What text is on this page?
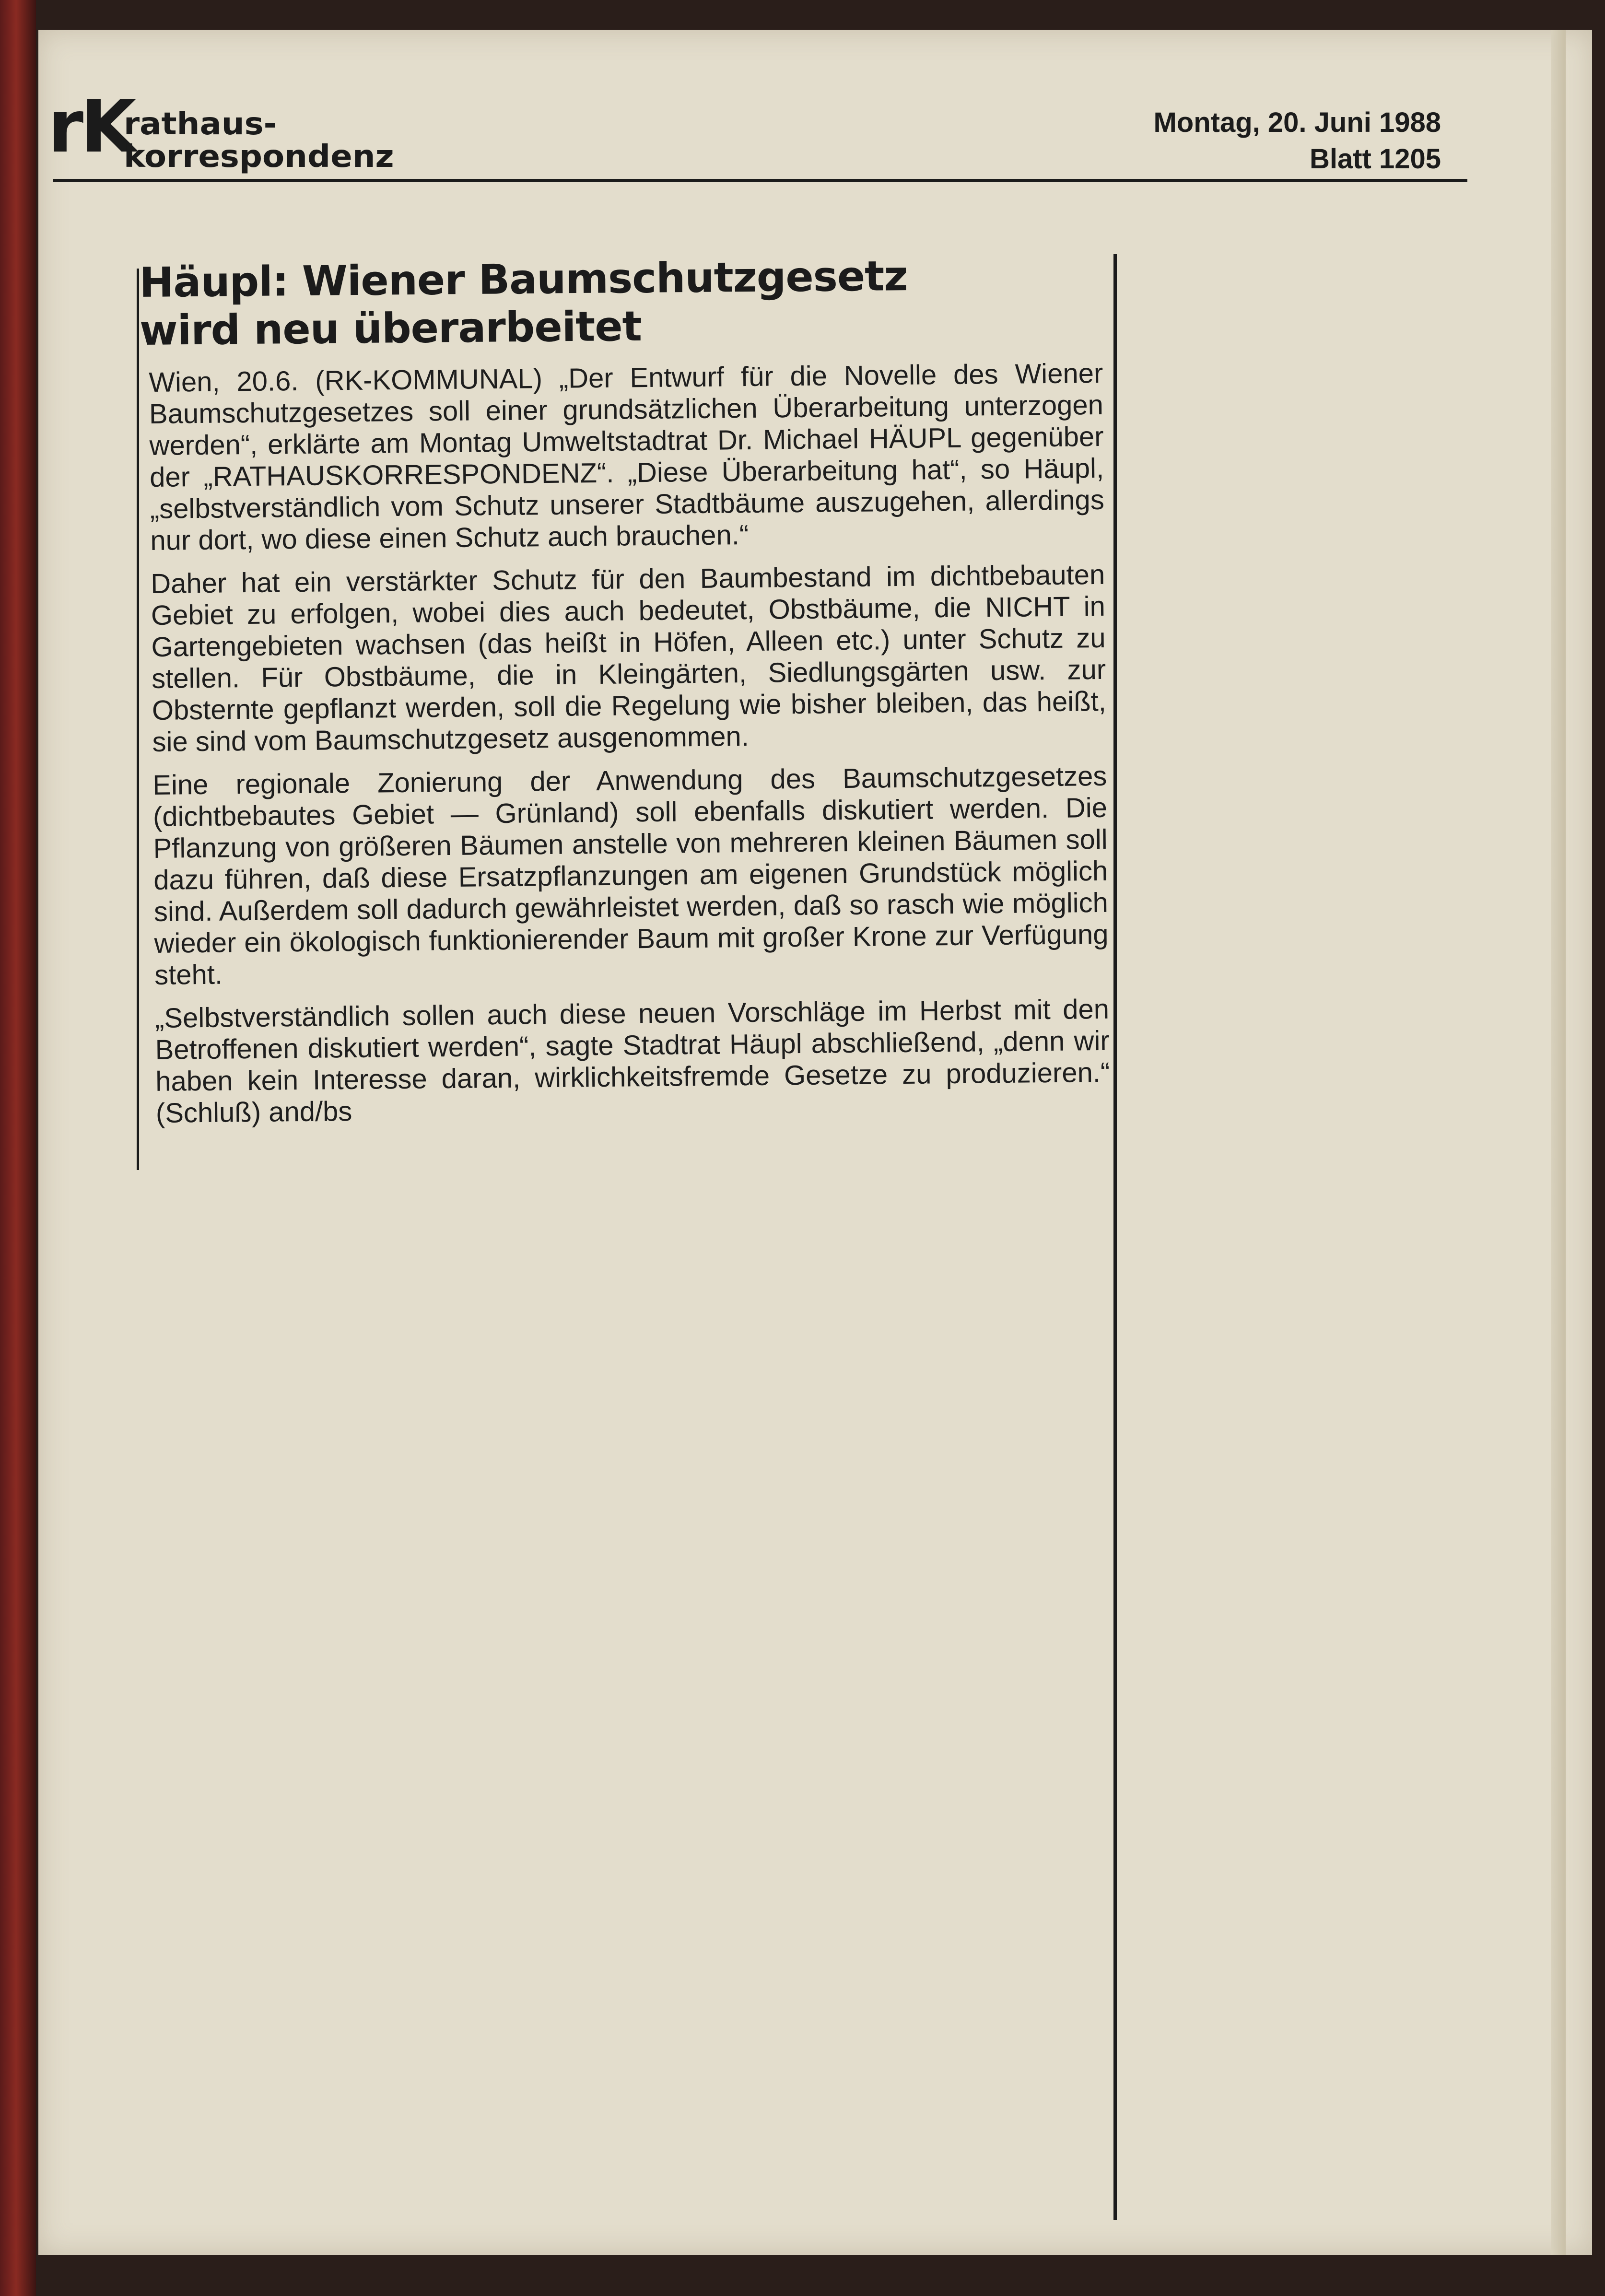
rK
rathaus-
korrespondenz
Montag, 20. Juni 1988
Blatt 1205
Häupl: Wiener Baumschutzgesetz
wird neu überarbeitet

Wien, 20.6. (RK-KOMMUNAL) „Der Entwurf für die Novelle des Wiener Baumschutzgesetzes soll einer grundsätzlichen Überarbeitung unterzogen werden“, erklärte am Montag Umweltstadtrat Dr. Michael HÄUPL gegenüber der „RATHAUSKORRESPONDENZ“. „Diese Überarbeitung hat“, so Häupl, „selbstverständlich vom Schutz unserer Stadtbäume auszugehen, allerdings nur dort, wo diese einen Schutz auch brauchen.“

Daher hat ein verstärkter Schutz für den Baumbestand im dichtbebauten Gebiet zu erfolgen, wobei dies auch bedeutet, Obstbäume, die NICHT in Gartengebieten wachsen (das heißt in Höfen, Alleen etc.) unter Schutz zu stellen. Für Obstbäume, die in Kleingärten, Siedlungsgärten usw. zur Obsternte gepflanzt werden, soll die Regelung wie bisher bleiben, das heißt, sie sind vom Baumschutzgesetz ausgenommen.

Eine regionale Zonierung der Anwendung des Baumschutzgesetzes (dichtbebautes Gebiet — Grünland) soll ebenfalls diskutiert werden. Die Pflanzung von größeren Bäumen anstelle von mehreren kleinen Bäumen soll dazu führen, daß diese Ersatzpflanzungen am eigenen Grundstück möglich sind. Außerdem soll dadurch gewährleistet werden, daß so rasch wie möglich wieder ein ökologisch funktionierender Baum mit großer Krone zur Verfügung steht.

„Selbstverständlich sollen auch diese neuen Vorschläge im Herbst mit den Betroffenen diskutiert werden“, sagte Stadtrat Häupl abschließend, „denn wir haben kein Interesse daran, wirklichkeitsfremde Gesetze zu produzieren.“ (Schluß) and/bs
